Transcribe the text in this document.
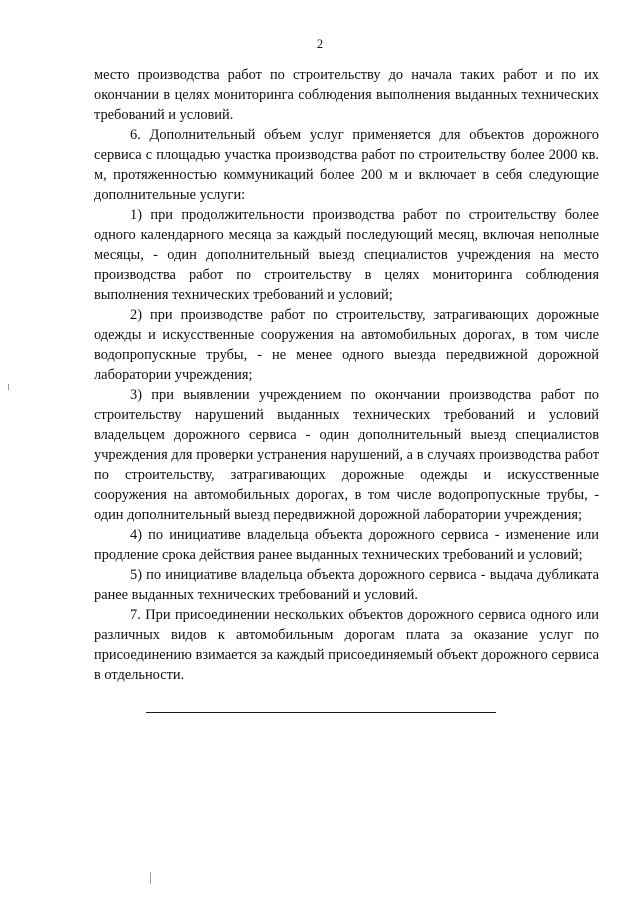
2

место производства работ по строительству до начала таких работ и по их окончании в целях мониторинга соблюдения выполнения выданных технических требований и условий.

6. Дополнительный объем услуг применяется для объектов дорожного сервиса с площадью участка производства работ по строительству более 2000 кв. м, протяженностью коммуникаций более 200 м и включает в себя следующие дополнительные услуги:

1) при продолжительности производства работ по строительству более одного календарного месяца за каждый последующий месяц, включая неполные месяцы, - один дополнительный выезд специалистов учреждения на место производства работ по строительству в целях мониторинга соблюдения выполнения технических требований и условий;

2) при производстве работ по строительству, затрагивающих дорожные одежды и искусственные сооружения на автомобильных дорогах, в том числе водопропускные трубы, - не менее одного выезда передвижной дорожной лаборатории учреждения;

3) при выявлении учреждением по окончании производства работ по строительству нарушений выданных технических требований и условий владельцем дорожного сервиса - один дополнительный выезд специалистов учреждения для проверки устранения нарушений, а в случаях производства работ по строительству, затрагивающих дорожные одежды и искусственные сооружения на автомобильных дорогах, в том числе водопропускные трубы, - один дополнительный выезд передвижной дорожной лаборатории учреждения;

4) по инициативе владельца объекта дорожного сервиса - изменение или продление срока действия ранее выданных технических требований и условий;

5) по инициативе владельца объекта дорожного сервиса - выдача дубликата ранее выданных технических требований и условий.

7. При присоединении нескольких объектов дорожного сервиса одного или различных видов к автомобильным дорогам плата за оказание услуг по присоединению взимается за каждый присоединяемый объект дорожного сервиса в отдельности.
